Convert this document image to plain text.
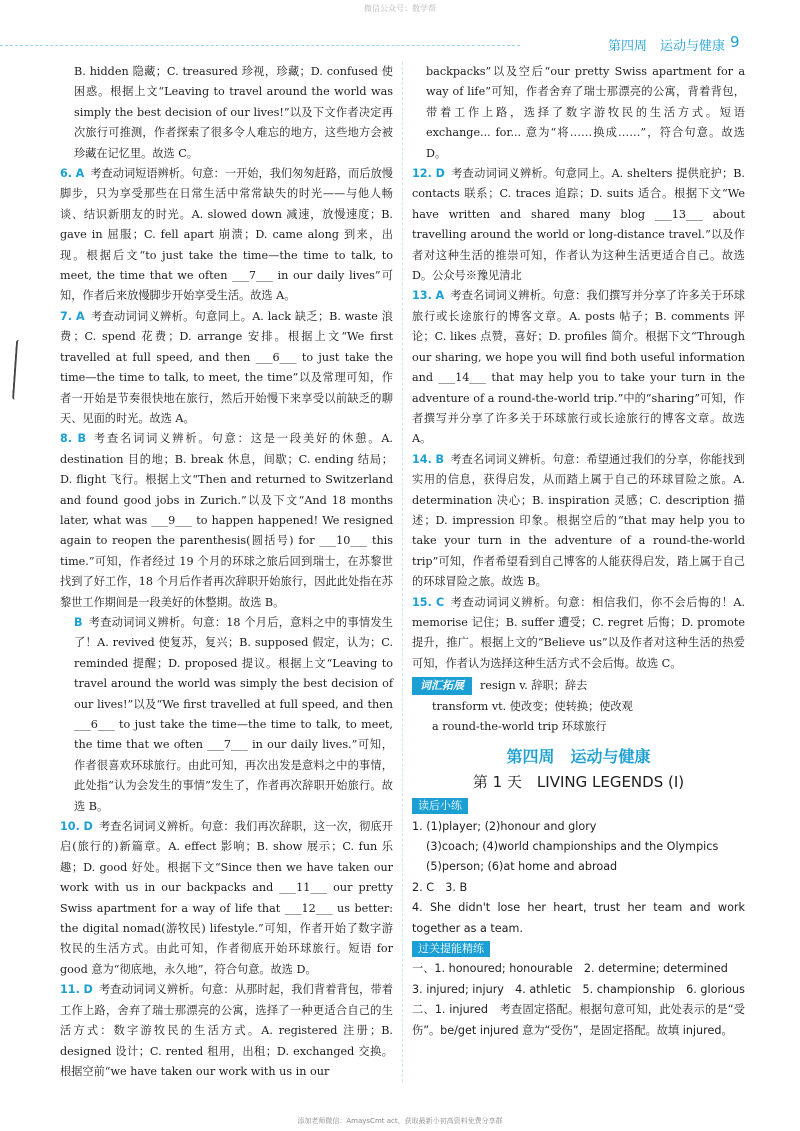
微信公众号：数学帮
第四周　 运动与健康 9

B. hidden 隐藏；C. treasured 珍视，珍藏；D. confused 使困惑。根据上文“Leaving to travel around the world was simply the best decision of our lives!”以及下文作者决定再次旅行可推测，作者探索了很多令人难忘的地方，这些地方会被珍藏在记忆里。故选 C。

6. A 考查动词短语辨析。句意：一开始，我们匆匆赶路，而后放慢脚步，只为享受那些在日常生活中常常缺失的时光——与他人畅谈、结识新朋友的时光。A. slowed down 减速，放慢速度；B. gave in 屈服；C. fell apart 崩溃；D. came along 到来，出现。根据后文“to just take the time—the time to talk, to meet, the time that we often ___7___ in our daily lives”可知，作者后来放慢脚步开始享受生活。故选 A。

7. A 考查动词词义辨析。句意同上。A. lack 缺乏；B. waste 浪费；C. spend 花费；D. arrange 安排。根据上文“We first travelled at full speed, and then ___6___ to just take the time—the time to talk, to meet, the time”以及常理可知，作者一开始是节奏很快地在旅行，然后开始慢下来享受以前缺乏的聊天、见面的时光。故选 A。

8. B 考查名词词义辨析。句意：这是一段美好的休憩。A. destination 目的地；B. break 休息，间歇；C. ending 结局；D. flight 飞行。根据上文“Then and returned to Switzerland and found good jobs in Zurich.”以及下文“And 18 months later, what was ___9___ to happen happened! We resigned again to reopen the parenthesis(圆括号) for ___10___ this time.”可知，作者经过 19 个月的环球之旅后回到瑞士，在苏黎世找到了好工作，18 个月后作者再次辞职开始旅行，因此此处指在苏黎世工作期间是一段美好的休整期。故选 B。

B 考查动词词义辨析。句意：18 个月后，意料之中的事情发生了！A. revived 使复苏，复兴；B. supposed 假定，认为；C. reminded 提醒；D. proposed 提议。根据上文“Leaving to travel around the world was simply the best decision of our lives!”以及“We first travelled at full speed, and then ___6___ to just take the time—the time to talk, to meet, the time that we often ___7___ in our daily lives.”可知，作者很喜欢环球旅行。由此可知，再次出发是意料之中的事情，此处指“认为会发生的事情”发生了，作者再次辞职开始旅行。故选 B。

10. D 考查名词词义辨析。句意：我们再次辞职，这一次，彻底开启(旅行的)新篇章。A. effect 影响；B. show 展示；C. fun 乐趣；D. good 好处。根据下文“Since then we have taken our work with us in our backpacks and ___11___ our pretty Swiss apartment for a way of life that ___12___ us better: the digital nomad(游牧民) lifestyle.”可知，作者开始了数字游牧民的生活方式。由此可知，作者彻底开始环球旅行。短语 for good 意为“彻底地，永久地”，符合句意。故选 D。

11. D 考查动词词义辨析。句意：从那时起，我们背着背包，带着工作上路，舍弃了瑞士那漂亮的公寓，选择了一种更适合自己的生活方式：数字游牧民的生活方式。A. registered 注册；B. designed 设计；C. rented 租用，出租；D. exchanged 交换。根据空前“we have taken our work with us in our

backpacks”以及空后“our pretty Swiss apartment for a way of life”可知，作者舍弃了瑞士那漂亮的公寓，背着背包，带着工作上路，选择了数字游牧民的生活方式。短语 exchange... for... 意为“将……换成……”，符合句意。故选 D。

12. D 考查动词词义辨析。句意同上。A. shelters 提供庇护；B. contacts 联系；C. traces 追踪；D. suits 适合。根据下文“We have written and shared many blog ___13___ about travelling around the world or long-distance travel.”以及作者对这种生活的推崇可知，作者认为这种生活更适合自己。故选 D。公众号※豫见清北

13. A 考查名词词义辨析。句意：我们撰写并分享了许多关于环球旅行或长途旅行的博客文章。A. posts 帖子；B. comments 评论；C. likes 点赞，喜好；D. profiles 简介。根据下文“Through our sharing, we hope you will find both useful information and ___14___ that may help you to take your turn in the adventure of a round-the-world trip.”中的“sharing”可知，作者撰写并分享了许多关于环球旅行或长途旅行的博客文章。故选 A。

14. B 考查名词词义辨析。句意：希望通过我们的分享，你能找到实用的信息，获得启发，从而踏上属于自己的环球冒险之旅。A. determination 决心；B. inspiration 灵感；C. description 描述；D. impression 印象。根据空后的“that may help you to take your turn in the adventure of a round-the-world trip”可知，作者希望看到自己博客的人能获得启发，踏上属于自己的环球冒险之旅。故选 B。

15. C 考查动词词义辨析。句意：相信我们，你不会后悔的！A. memorise 记住；B. suffer 遭受；C. regret 后悔；D. promote 提升，推广。根据上文的“Believe us”以及作者对这种生活的热爱可知，作者认为选择这种生活方式不会后悔。故选 C。

词汇拓展 resign v. 辞职；辞去

transform vt. 使改变；使转换；使改观

a round-the-world trip 环球旅行

第四周　运动与健康
第 1 天　LIVING LEGENDS (Ⅰ)
读后小练

1. (1)player; (2)honour and glory

(3)coach; (4)world championships and the Olympics

(5)person; (6)at home and abroad

2. C　3. B

4. She didn't lose her heart, trust her team and work together as a team.

过关提能精练

一、1. honoured; honourable　2. determine; determined

3. injured; injury　4. athletic　5. championship　6. glorious

二、1. injured　考查固定搭配。根据句意可知，此处表示的是“受伤”。be/get injured 意为“受伤”，是固定搭配。故填 injured。

添加老师微信：AmaysCmt act，获取最新小初高资料免费分享群
